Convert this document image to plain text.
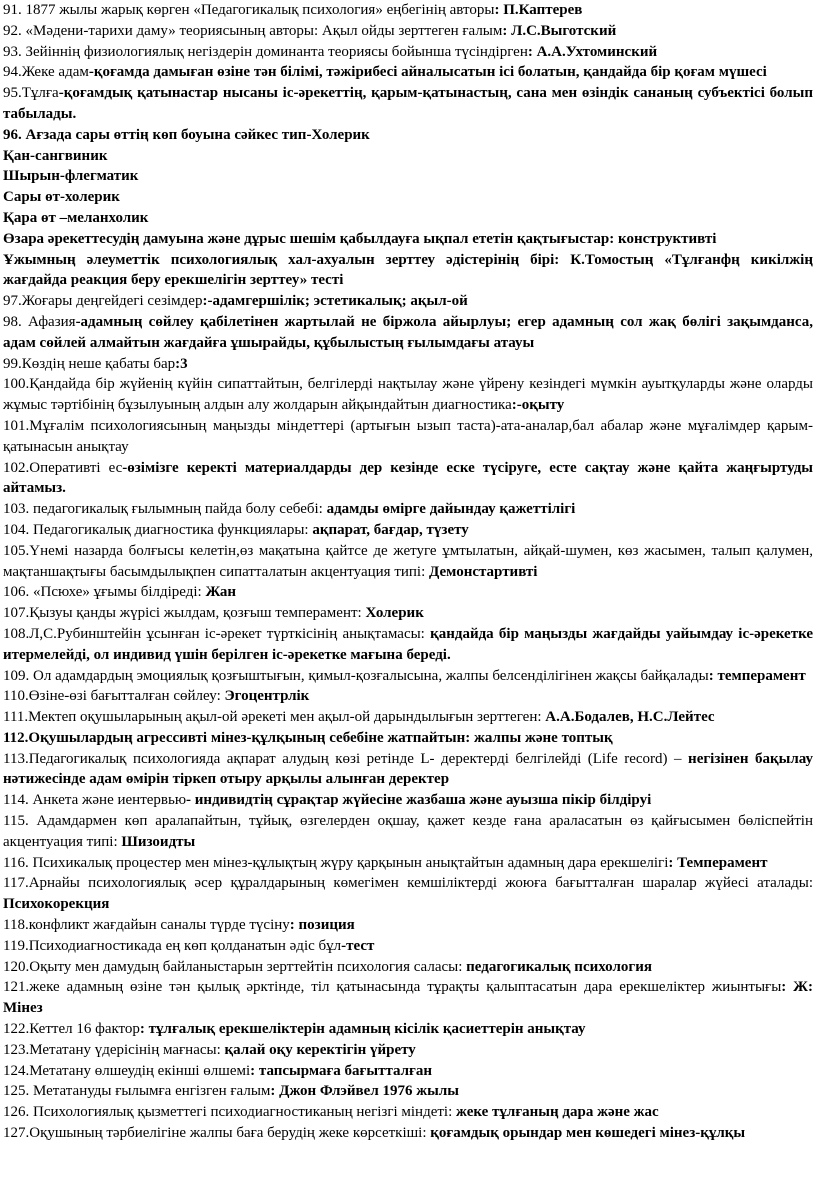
91. 1877 жылы жарық көрген «Педагогикалық психология» еңбегінің авторы: П.Каптерев

92. «Мәдени-тарихи даму» теориясының авторы: Ақыл ойды зерттеген ғалым: Л.С.Выготский

93. Зейіннің физиологиялық негіздерін доминанта теориясы бойынша түсіндірген: А.А.Ухтоминский

94.Жеке адам-қоғамда дамыған өзіне тән білімі, тәжірибесі айналысатын ісі болатын, қандайда бір қоғам мүшесі

95.Тұлға-қоғамдық қатынастар нысаны іс-әрекеттің, қарым-қатынастың, сана мен өзіндік сананың субъектісі болып табылады.

96. Ағзада сары өттің көп боуына сәйкес тип-Холерик

Қан-сангвиник

Шырын-флегматик

Сары өт-холерик

Қара өт –меланхолик

Өзара әрекеттесудің дамуына және дұрыс шешім қабылдауға ықпал ететін қақтығыстар: конструктивті

Ұжымның әлеуметтік психологиялық хал-ахуалын зерттеу әдістерінің бірі: К.Томостың «Тұлғанфң кикілжің жағдайда реакция беру ерекшелігін зерттеу» тесті

97.Жоғары деңгейдегі сезімдер:-адамгершілік; эстетикалық; ақыл-ой

98. Афазия-адамның сөйлеу қабілетінен жартылай не біржола айырлуы; егер адамның сол жақ бөлігі зақымданса, адам сөйлей алмайтын жағдайға ұшырайды, құбылыстың ғылымдағы атауы

99.Көздің неше қабаты бар:3

100.Қандайда бір жүйенің күйін сипаттайтын, белгілерді нақтылау және үйрену кезіндегі мүмкін ауытқуларды және оларды жұмыс тәртібінің бұзылуының алдын алу жолдарын айқындайтын диагностика:-оқыту

101.Мұғалім психологиясының маңызды міндеттері (артығын ызып таста)-ата-аналар,бал абалар және мұғалімдер қарым-қатынасын анықтау

102.Оперативті ес-өзімізге керекті материалдарды дер кезінде еске түсіруге, есте сақтау және қайта жаңғыртуды айтамыз.

103. педагогикалық ғылымның пайда болу себебі: адамды өмірге дайындау қажеттілігі

104. Педагогикалық диагностика функциялары: ақпарат, бағдар, түзету

105.Үнемі назарда болғысы келетін,өз мақатына қайтсе де жетуге ұмтылатын, айқай-шумен, көз жасымен, талып қалумен, мақтаншақтығы басымдылықпен сипатталатын акцентуация типі: Демонстартивті

106. «Псюхе» ұғымы білдіреді: Жан

107.Қызуы қанды жүрісі жылдам, қозғыш темперамент: Холерик

108.Л,С.Рубинштейін ұсынған іс-әрекет түрткісінің анықтамасы: қандайда бір маңызды жағдайды уайымдау іс-әрекетке итермелейді, ол индивид үшін берілген іс-әрекетке мағына береді.

109. Ол адамдардың эмоциялық қозғыштығын, қимыл-қозғалысына, жалпы белсенділігінен жақсы байқалады: темперамент

110.Өзіне-өзі бағытталған сөйлеу: Эгоцентрлік

111.Мектеп оқушыларының ақыл-ой әрекеті мен ақыл-ой дарындылығын зерттеген: А.А.Бодалев, Н.С.Лейтес

112.Оқушылардың агрессивті мінез-құлқының себебіне жатпайтын: жалпы және топтық

113.Педагогикалық психологияда ақпарат алудың көзі ретінде L- деректерді белгілейді (Life record) – негізінен бақылау нәтижесінде адам өмірін тіркеп отыру арқылы алынған деректер

114. Анкета және иентервью- индивидтің сұрақтар жүйесіне жазбаша және ауызша пікір білдіруі

115. Адамдармен көп аралапайтын, тұйық, өзгелерден оқшау, қажет кезде ғана араласатын өз қайғысымен бөліспейтін акцентуация типі: Шизоидты

116. Психикалық процестер мен мінез-құлықтың жүру қарқынын анықтайтын адамның дара ерекшелігі: Темперамент

117.Арнайы психологиялық әсер құралдарының көмегімен кемшіліктерді жоюға бағытталған шаралар жүйесі аталады: Психокорекция

118.конфликт жағдайын саналы түрде түсіну: позиция

119.Психодиагностикада ең көп қолданатын әдіс бұл-тест

120.Оқыту мен дамудың байланыстарын зерттейтін психология саласы: педагогикалық психология

121.жеке адамның өзіне тән қылық әрктінде, тіл қатынасында тұрақты қалыптасатын дара ерекшеліктер жиынтығы: Ж: Мінез

122.Кеттел 16 фактор: тұлғалық ерекшеліктерін адамның кісілік қасиеттерін анықтау

123.Метатану үдерісінің мағнасы: қалай оқу керектігін үйрету

124.Метатану өлшеудің екінші өлшемі: тапсырмаға бағытталған

125. Метатануды ғылымға енгізген ғалым: Джон Флэйвел 1976 жылы

126. Психологиялық қызметтегі психодиагностиканың негізгі міндеті: жеке тұлғаның дара және жас

127.Оқушының тәрбиелігіне жалпы баға берудің жеке көрсеткіші: қоғамдық орындар мен көшедегі мінез-құлқы
